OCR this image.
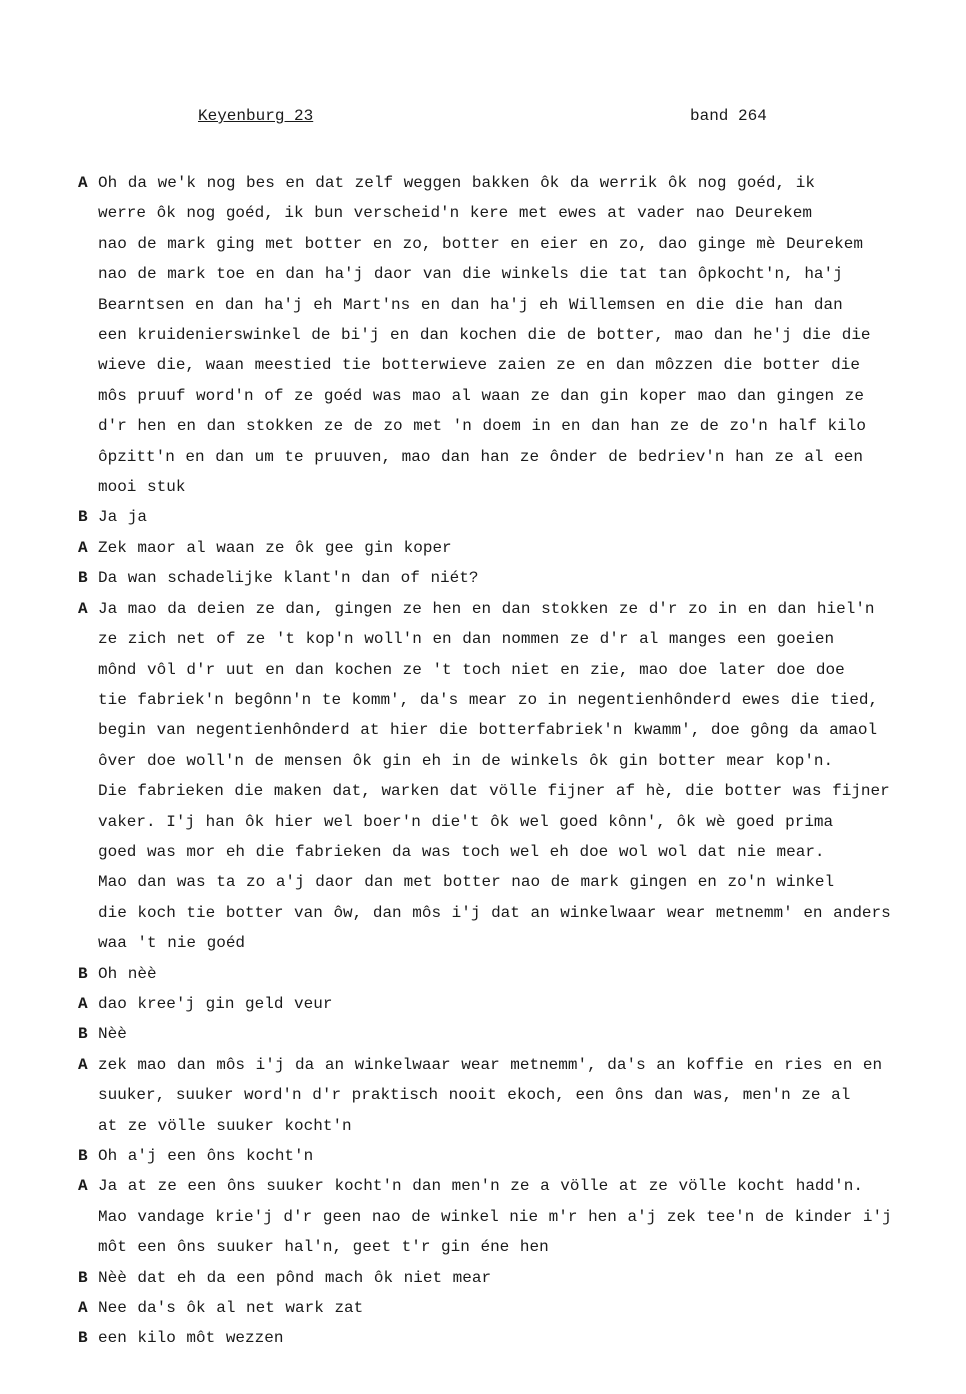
Keyenburg 23	band 264
A Oh da we'k nog bes en dat zelf weggen bakken ôk da werrik ôk nog goéd, ik
werre ôk nog goéd, ik bun verscheid'n kere met ewes at vader nao Deurekem
nao de mark ging met botter en zo, botter en eier en zo, dao ginge mè Deurekem
nao de mark toe en dan ha'j daor van die winkels die tat tan ôpkocht'n, ha'j
Bearntsen en dan ha'j eh Mart'ns en dan ha'j eh Willemsen en die die han dan
een kruidenierswinkel de bi'j en dan kochen die de botter, mao dan he'j die die
wieve die, waan meestied tie botterwieve zaien ze en dan môzzen die botter die
môs pruuf word'n of ze goéd was mao al waan ze dan gin koper mao dan gingen ze
d'r hen en dan stokken ze de zo met 'n doem in en dan han ze de zo'n half kilo
ôpzitt'n en dan um te pruuven, mao dan han ze ônder de bedriev'n han ze al een
mooi stuk
B Ja ja
A Zek maor al waan ze ôk gee gin koper
B Da wan schadelijke klant'n dan of niét?
A Ja mao da deien ze dan, gingen ze hen en dan stokken ze d'r zo in en dan hiel'n
ze zich net of ze 't kop'n woll'n en dan nommen ze d'r al manges een goeien
mônd vôl d'r uut en dan kochen ze 't toch niet en zie, mao doe later doe doe
tie fabriek'n begônn'n te komm', da's mear zo in negentienhônderd ewes die tied,
begin van negentienhônderd at hier die botterfabriek'n kwamm', doe gông da amaol
ôver doe woll'n de mensen ôk gin eh in de winkels ôk gin botter mear kop'n.
Die fabrieken die maken dat, warken dat völle fijner af hè, die botter was fijner
vaker. I'j han ôk hier wel boer'n die't ôk wel goed kônn', ôk wè goed prima
goed was mor eh die fabrieken da was toch wel eh doe wol wol dat nie mear.
Mao dan was ta zo a'j daor dan met botter nao de mark gingen en zo'n winkel
die koch tie botter van ôw, dan môs i'j dat an winkelwaar wear metnemm' en anders
waa 't nie goéd
B Oh nèè
A dao kree'j gin geld veur
B Nèè
A zek mao dan môs i'j da an winkelwaar wear metnemm', da's an koffie en ries en en
suuker, suuker word'n d'r praktisch nooit ekoch, een ôns dan was, men'n ze al
at ze völle suuker kocht'n
B Oh a'j een ôns kocht'n
A Ja at ze een ôns suuker kocht'n dan men'n ze a völle at ze völle kocht hadd'n.
Mao vandage krie'j d'r geen nao de winkel nie m'r hen a'j zek tee'n de kinder i'j
môt een ôns suuker hal'n, geet t'r gin éne hen
B Nèè dat eh da een pônd mach ôk niet mear
A Nee da's ôk al net wark zat
B een kilo môt wezzen
